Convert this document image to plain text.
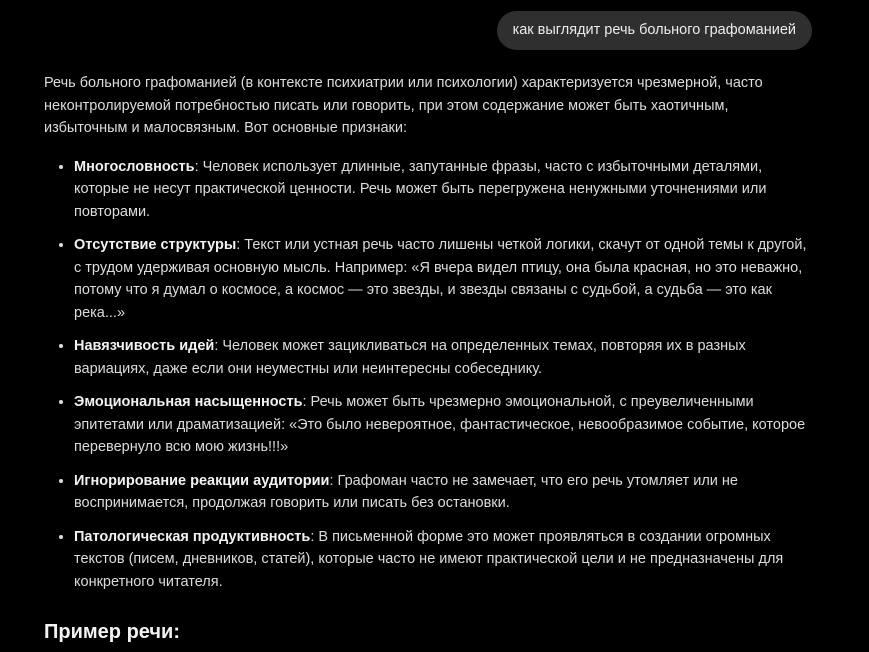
как выглядит речь больного графоманией

Речь больного графоманией (в контексте психиатрии или психологии) характеризуется чрезмерной, часто неконтролируемой потребностью писать или говорить, при этом содержание может быть хаотичным, избыточным и малосвязным. Вот основные признаки:

• Многословность: Человек использует длинные, запутанные фразы, часто с избыточными деталями, которые не несут практической ценности. Речь может быть перегружена ненужными уточнениями или повторами.
• Отсутствие структуры: Текст или устная речь часто лишены четкой логики, скачут от одной темы к другой, с трудом удерживая основную мысль. Например: «Я вчера видел птицу, она была красная, но это неважно, потому что я думал о космосе, а космос — это звезды, и звезды связаны с судьбой, а судьба — это как река...»
• Навязчивость идей: Человек может зацикливаться на определенных темах, повторяя их в разных вариациях, даже если они неуместны или неинтересны собеседнику.
• Эмоциональная насыщенность: Речь может быть чрезмерно эмоциональной, с преувеличенными эпитетами или драматизацией: «Это было невероятное, фантастическое, невообразимое событие, которое перевернуло всю мою жизнь!!!»
• Игнорирование реакции аудитории: Графоман часто не замечает, что его речь утомляет или не воспринимается, продолжая говорить или писать без остановки.
• Патологическая продуктивность: В письменной форме это может проявляться в создании огромных текстов (писем, дневников, статей), которые часто не имеют практической цели и не предназначены для конкретного читателя.
Пример речи:
